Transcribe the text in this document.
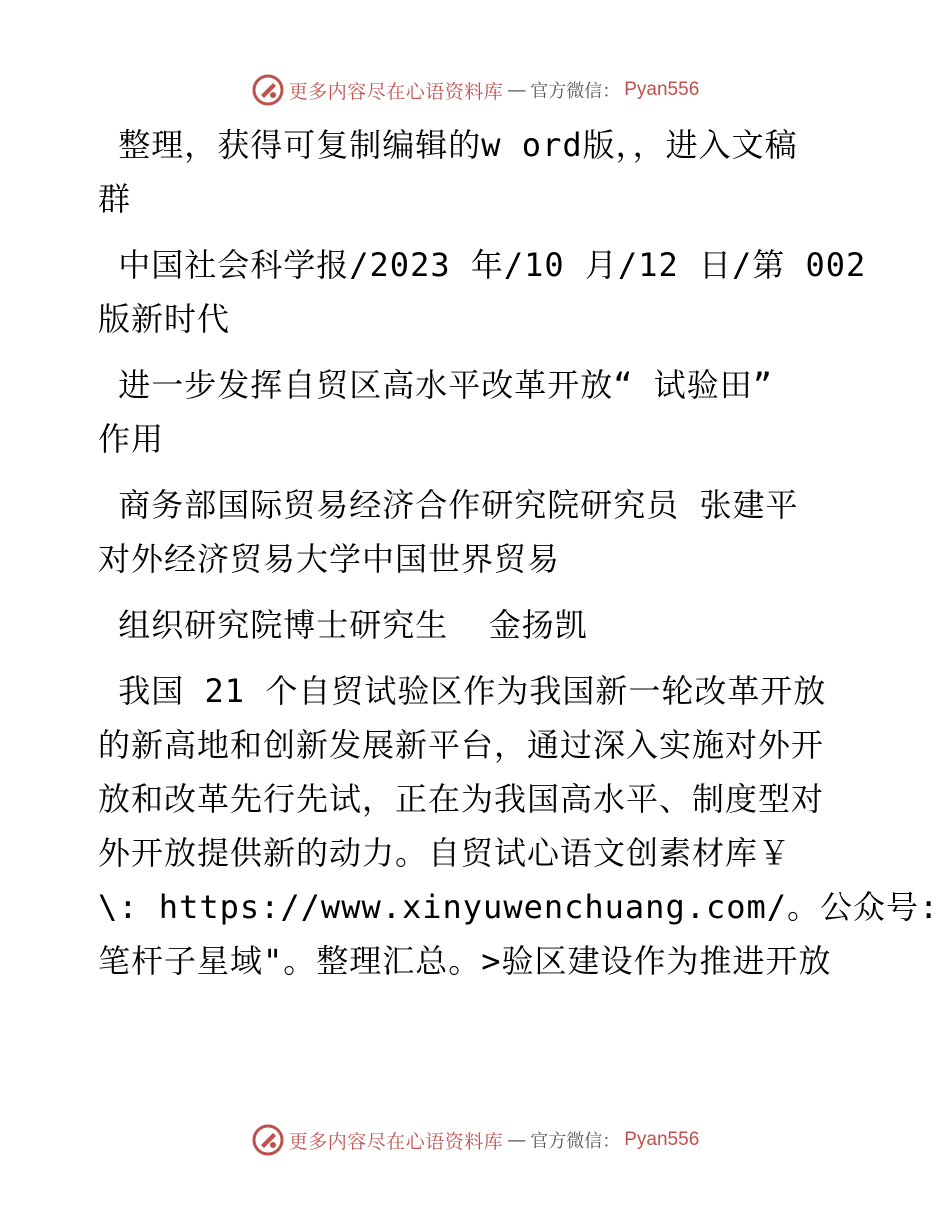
更多内容尽在心语资料库 — 官方微信： Pyan556

整理，获得可复制编辑的w ord版，，进入文稿
群

中国社会科学报/2023 年/10 月/12 日/第 002
版新时代

进一步发挥自贸区高水平改革开放“ 试验田”
作用

商务部国际贸易经济合作研究院研究员 张建平
对外经济贸易大学中国世界贸易

组织研究院博士研究生  金扬凯

我国 21 个自贸试验区作为我国新一轮改革开放
的新高地和创新发展新平台，通过深入实施对外开
放和改革先行先试，正在为我国高水平、制度型对
外开放提供新的动力。自贸试心语文创素材库￥
\: https://www.xinyuwenchuang.com/。公众号:
笔杆子星域"。整理汇总。>验区建设作为推进开放

更多内容尽在心语资料库 — 官方微信： Pyan556
